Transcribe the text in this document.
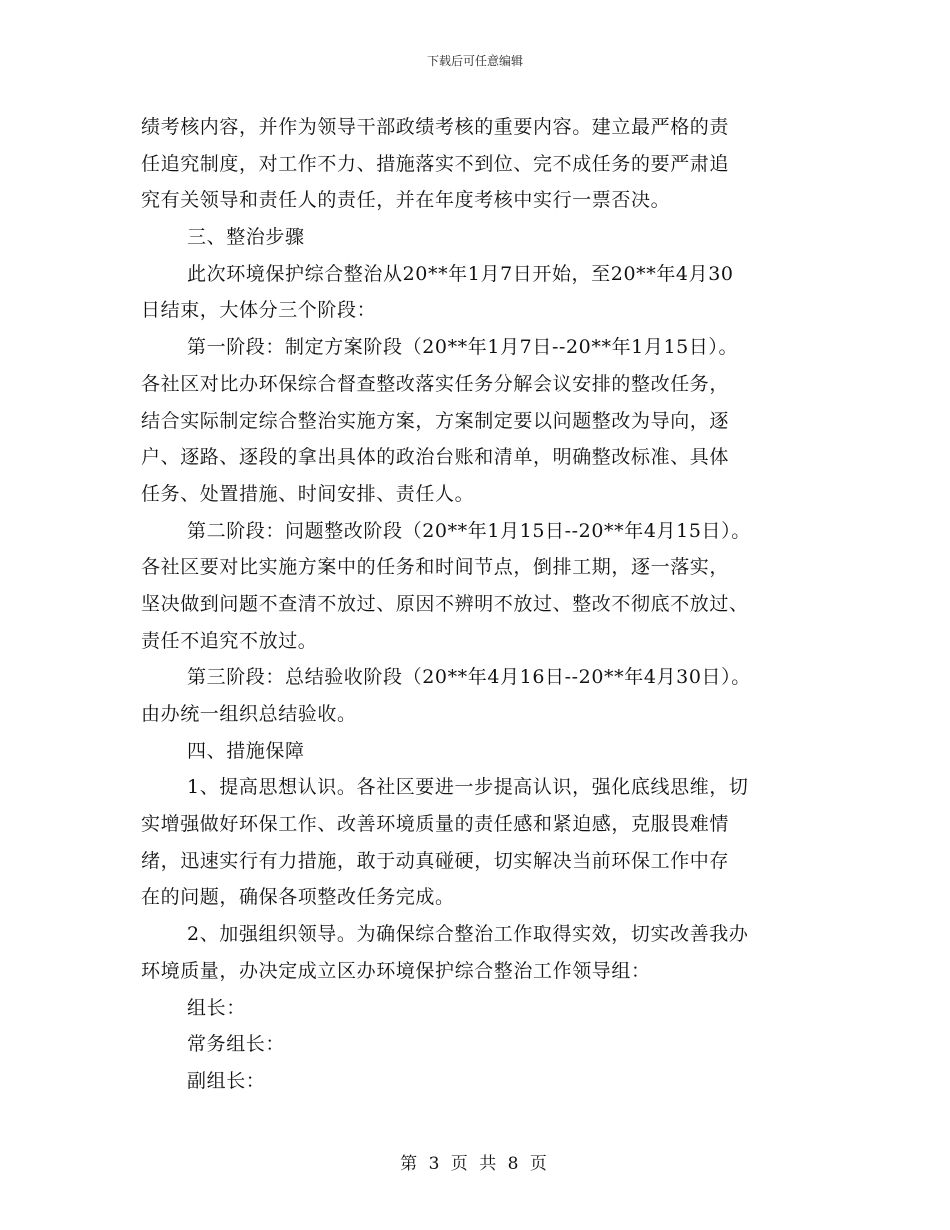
下载后可任意编辑
绩考核内容，并作为领导干部政绩考核的重要内容。建立最严格的责
任追究制度，对工作不力、措施落实不到位、完不成任务的要严肃追
究有关领导和责任人的责任，并在年度考核中实行一票否决。
三、整治步骤
此次环境保护综合整治从20**年1月7日开始，至20**年4月30
日结束，大体分三个阶段：
第一阶段：制定方案阶段（20**年1月7日--20**年1月15日）。
各社区对比办环保综合督查整改落实任务分解会议安排的整改任务，
结合实际制定综合整治实施方案，方案制定要以问题整改为导向，逐
户、逐路、逐段的拿出具体的政治台账和清单，明确整改标准、具体
任务、处置措施、时间安排、责任人。
第二阶段：问题整改阶段（20**年1月15日--20**年4月15日）。
各社区要对比实施方案中的任务和时间节点，倒排工期，逐一落实，
坚决做到问题不查清不放过、原因不辨明不放过、整改不彻底不放过、
责任不追究不放过。
第三阶段：总结验收阶段（20**年4月16日--20**年4月30日）。
由办统一组织总结验收。
四、措施保障
1、提高思想认识。各社区要进一步提高认识，强化底线思维，切
实增强做好环保工作、改善环境质量的责任感和紧迫感，克服畏难情
绪，迅速实行有力措施，敢于动真碰硬，切实解决当前环保工作中存
在的问题，确保各项整改任务完成。
2、加强组织领导。为确保综合整治工作取得实效，切实改善我办
环境质量，办决定成立区办环境保护综合整治工作领导组：
组长：
常务组长：
副组长：
第 3 页 共 8 页
